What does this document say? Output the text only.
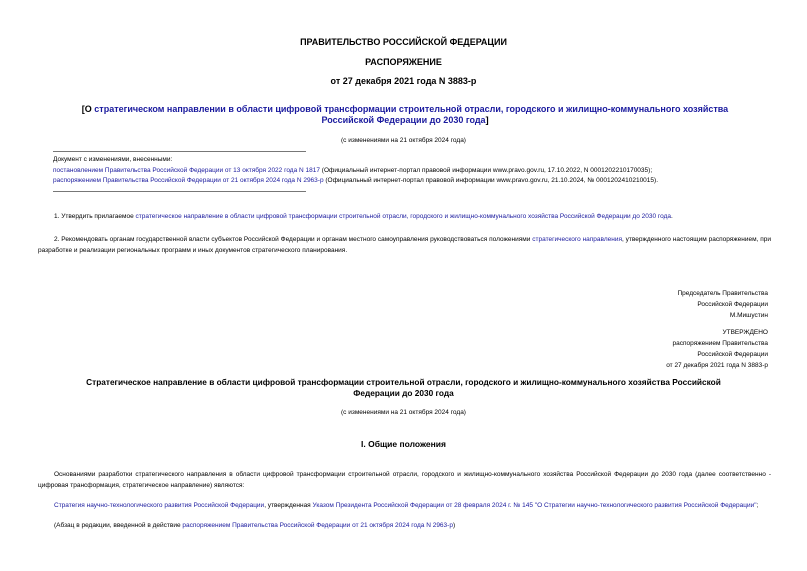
ПРАВИТЕЛЬСТВО РОССИЙСКОЙ ФЕДЕРАЦИИ
РАСПОРЯЖЕНИЕ
от 27 декабря 2021 года N 3883-р
[О стратегическом направлении в области цифровой трансформации строительной отрасли, городского и жилищно-коммунального хозяйства Российской Федерации до 2030 года]
(с изменениями на 21 октября 2024 года)
Документ с изменениями, внесенными:
постановлением Правительства Российской Федерации от 13 октября 2022 года N 1817 (Официальный интернет-портал правовой информации www.pravo.gov.ru, 17.10.2022, N 0001202210170035);
распоряжением Правительства Российской Федерации от 21 октября 2024 года N 2963-р (Официальный интернет-портал правовой информации www.pravo.gov.ru, 21.10.2024, № 0001202410210015).
1. Утвердить прилагаемое стратегическое направление в области цифровой трансформации строительной отрасли, городского и жилищно-коммунального хозяйства Российской Федерации до 2030 года.
2. Рекомендовать органам государственной власти субъектов Российской Федерации и органам местного самоуправления руководствоваться положениями стратегического направления, утвержденного настоящим распоряжением, при разработке и реализации региональных программ и иных документов стратегического планирования.
Председатель Правительства
Российской Федерации
М.Мишустин
УТВЕРЖДЕНО
распоряжением Правительства
Российской Федерации
от 27 декабря 2021 года N 3883-р
Стратегическое направление в области цифровой трансформации строительной отрасли, городского и жилищно-коммунального хозяйства Российской
Федерации до 2030 года
(с изменениями на 21 октября 2024 года)
I. Общие положения
Основаниями разработки стратегического направления в области цифровой трансформации строительной отрасли, городского и жилищно-коммунального хозяйства Российской Федерации до 2030 года (далее соответственно - цифровая трансформация, стратегическое направление) являются:
Стратегия научно-технологического развития Российской Федерации, утвержденная Указом Президента Российской Федерации от 28 февраля 2024 г. № 145 "О Стратегии научно-технологического развития Российской Федерации";
(Абзац в редакции, введенной в действие распоряжением Правительства Российской Федерации от 21 октября 2024 года N 2963-р)
